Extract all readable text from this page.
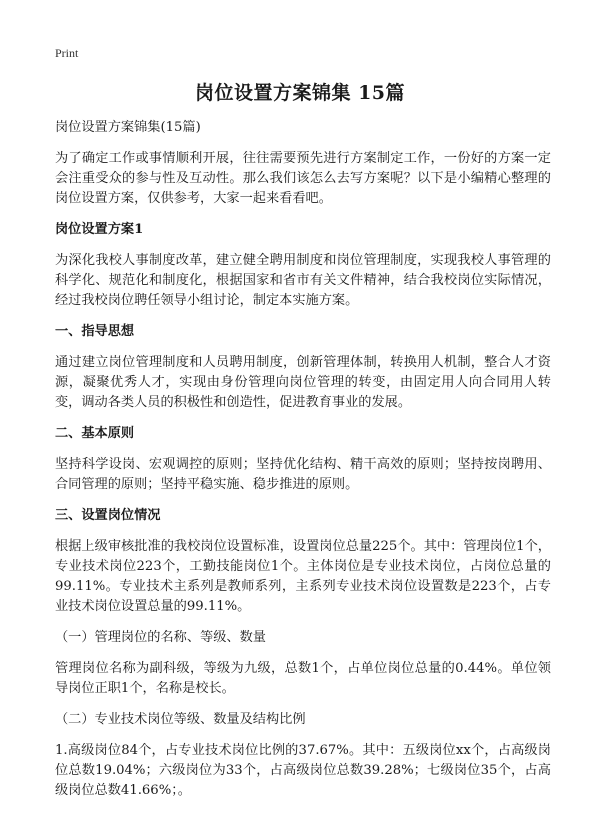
Print
岗位设置方案锦集 15篇

岗位设置方案锦集(15篇)

为了确定工作或事情顺利开展，往往需要预先进行方案制定工作，一份好的方案一定会注重受众的参与性及互动性。那么我们该怎么去写方案呢？以下是小编精心整理的岗位设置方案，仅供参考，大家一起来看看吧。

岗位设置方案1

为深化我校人事制度改革，建立健全聘用制度和岗位管理制度，实现我校人事管理的科学化、规范化和制度化，根据国家和省市有关文件精神，结合我校岗位实际情况，经过我校岗位聘任领导小组讨论，制定本实施方案。

一、指导思想

通过建立岗位管理制度和人员聘用制度，创新管理体制，转换用人机制，整合人才资源，凝聚优秀人才，实现由身份管理向岗位管理的转变，由固定用人向合同用人转变，调动各类人员的积极性和创造性，促进教育事业的发展。

二、基本原则

坚持科学设岗、宏观调控的原则；坚持优化结构、精干高效的原则；坚持按岗聘用、合同管理的原则；坚持平稳实施、稳步推进的原则。

三、设置岗位情况

根据上级审核批准的我校岗位设置标准，设置岗位总量225个。其中：管理岗位1个，专业技术岗位223个，工勤技能岗位1个。主体岗位是专业技术岗位，占岗位总量的99.11%。专业技术主系列是教师系列，主系列专业技术岗位设置数是223个，占专业技术岗位设置总量的99.11%。

（一）管理岗位的名称、等级、数量

管理岗位名称为副科级，等级为九级，总数1个，占单位岗位总量的0.44%。单位领导岗位正职1个，名称是校长。

（二）专业技术岗位等级、数量及结构比例

1.高级岗位84个，占专业技术岗位比例的37.67%。其中：五级岗位xx个，占高级岗位总数19.04%；六级岗位为33个，占高级岗位总数39.28%；七级岗位35个，占高级岗位总数41.66%；。
